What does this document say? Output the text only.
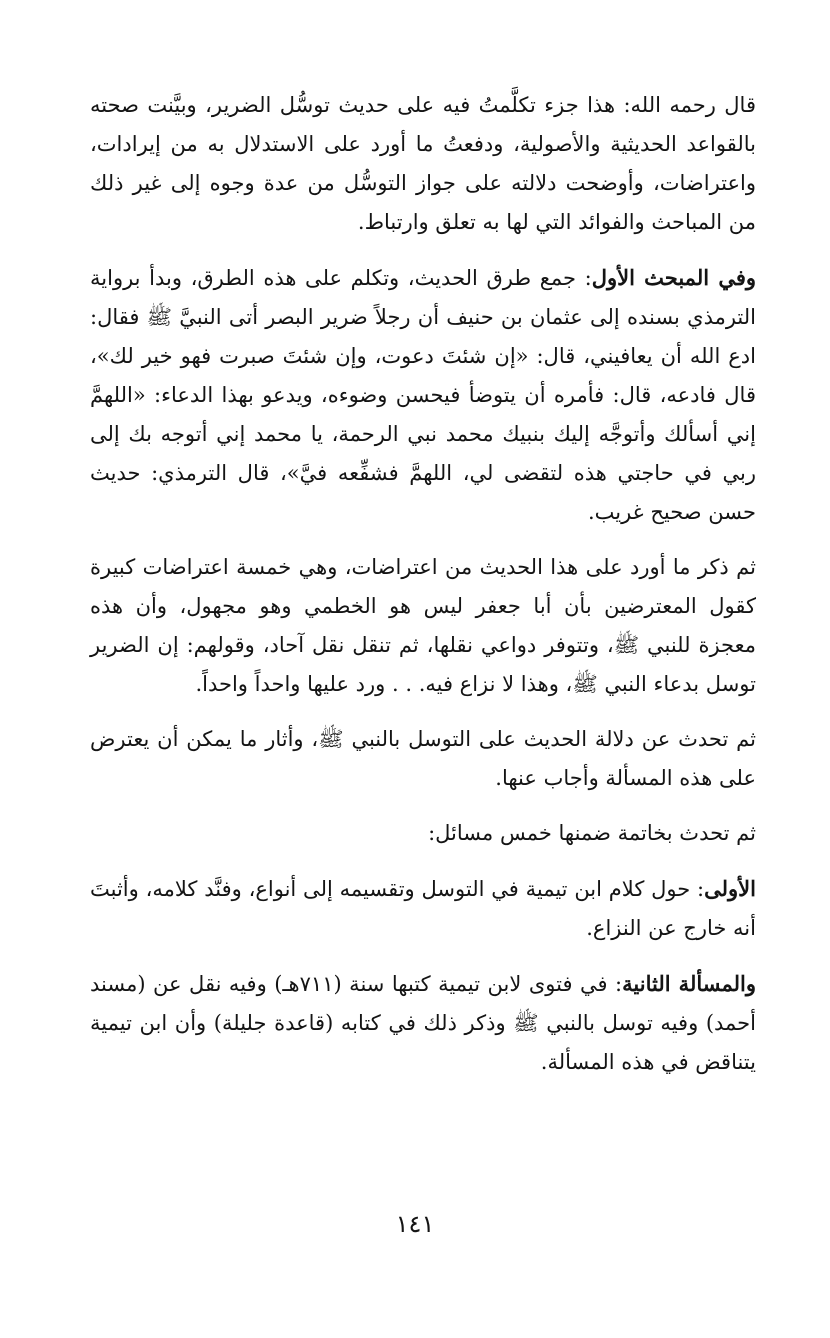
قال رحمه الله: هذا جزء تكلَّمتُ فيه على حديث توسُّل الضرير، وبيَّنت صحته بالقواعد الحديثية والأصولية، ودفعتُ ما أورد على الاستدلال به من إيرادات، واعتراضات، وأوضحت دلالته على جواز التوسُّل من عدة وجوه إلى غير ذلك من المباحث والفوائد التي لها به تعلق وارتباط.

وفي المبحث الأول: جمع طرق الحديث، وتكلم على هذه الطرق، وبدأ برواية الترمذي بسنده إلى عثمان بن حنيف أن رجلاً ضرير البصر أتى النبيَّ ﷺ فقال: ادع الله أن يعافيني، قال: «إن شئتَ دعوت، وإن شئتَ صبرت فهو خير لك»، قال فادعه، قال: فأمره أن يتوضأ فيحسن وضوءه، ويدعو بهذا الدعاء: «اللهمَّ إني أسألك وأتوجَّه إليك بنبيك محمد نبي الرحمة، يا محمد إني أتوجه بك إلى ربي في حاجتي هذه لتقضى لي، اللهمَّ فشفِّعه فيَّ»، قال الترمذي: حديث حسن صحيح غريب.

ثم ذكر ما أورد على هذا الحديث من اعتراضات، وهي خمسة اعتراضات كبيرة كقول المعترضين بأن أبا جعفر ليس هو الخطمي وهو مجهول، وأن هذه معجزة للنبي ﷺ، وتتوفر دواعي نقلها، ثم تنقل نقل آحاد، وقولهم: إن الضرير توسل بدعاء النبي ﷺ، وهذا لا نزاع فيه. . . ورد عليها واحداً واحداً.

ثم تحدث عن دلالة الحديث على التوسل بالنبي ﷺ، وأثار ما يمكن أن يعترض على هذه المسألة وأجاب عنها.

ثم تحدث بخاتمة ضمنها خمس مسائل:

الأولى: حول كلام ابن تيمية في التوسل وتقسيمه إلى أنواع، وفنَّد كلامه، وأثبتَ أنه خارج عن النزاع.

والمسألة الثانية: في فتوى لابن تيمية كتبها سنة (٧١١هـ) وفيه نقل عن (مسند أحمد) وفيه توسل بالنبي ﷺ وذكر ذلك في كتابه (قاعدة جليلة) وأن ابن تيمية يتناقض في هذه المسألة.

١٤١
